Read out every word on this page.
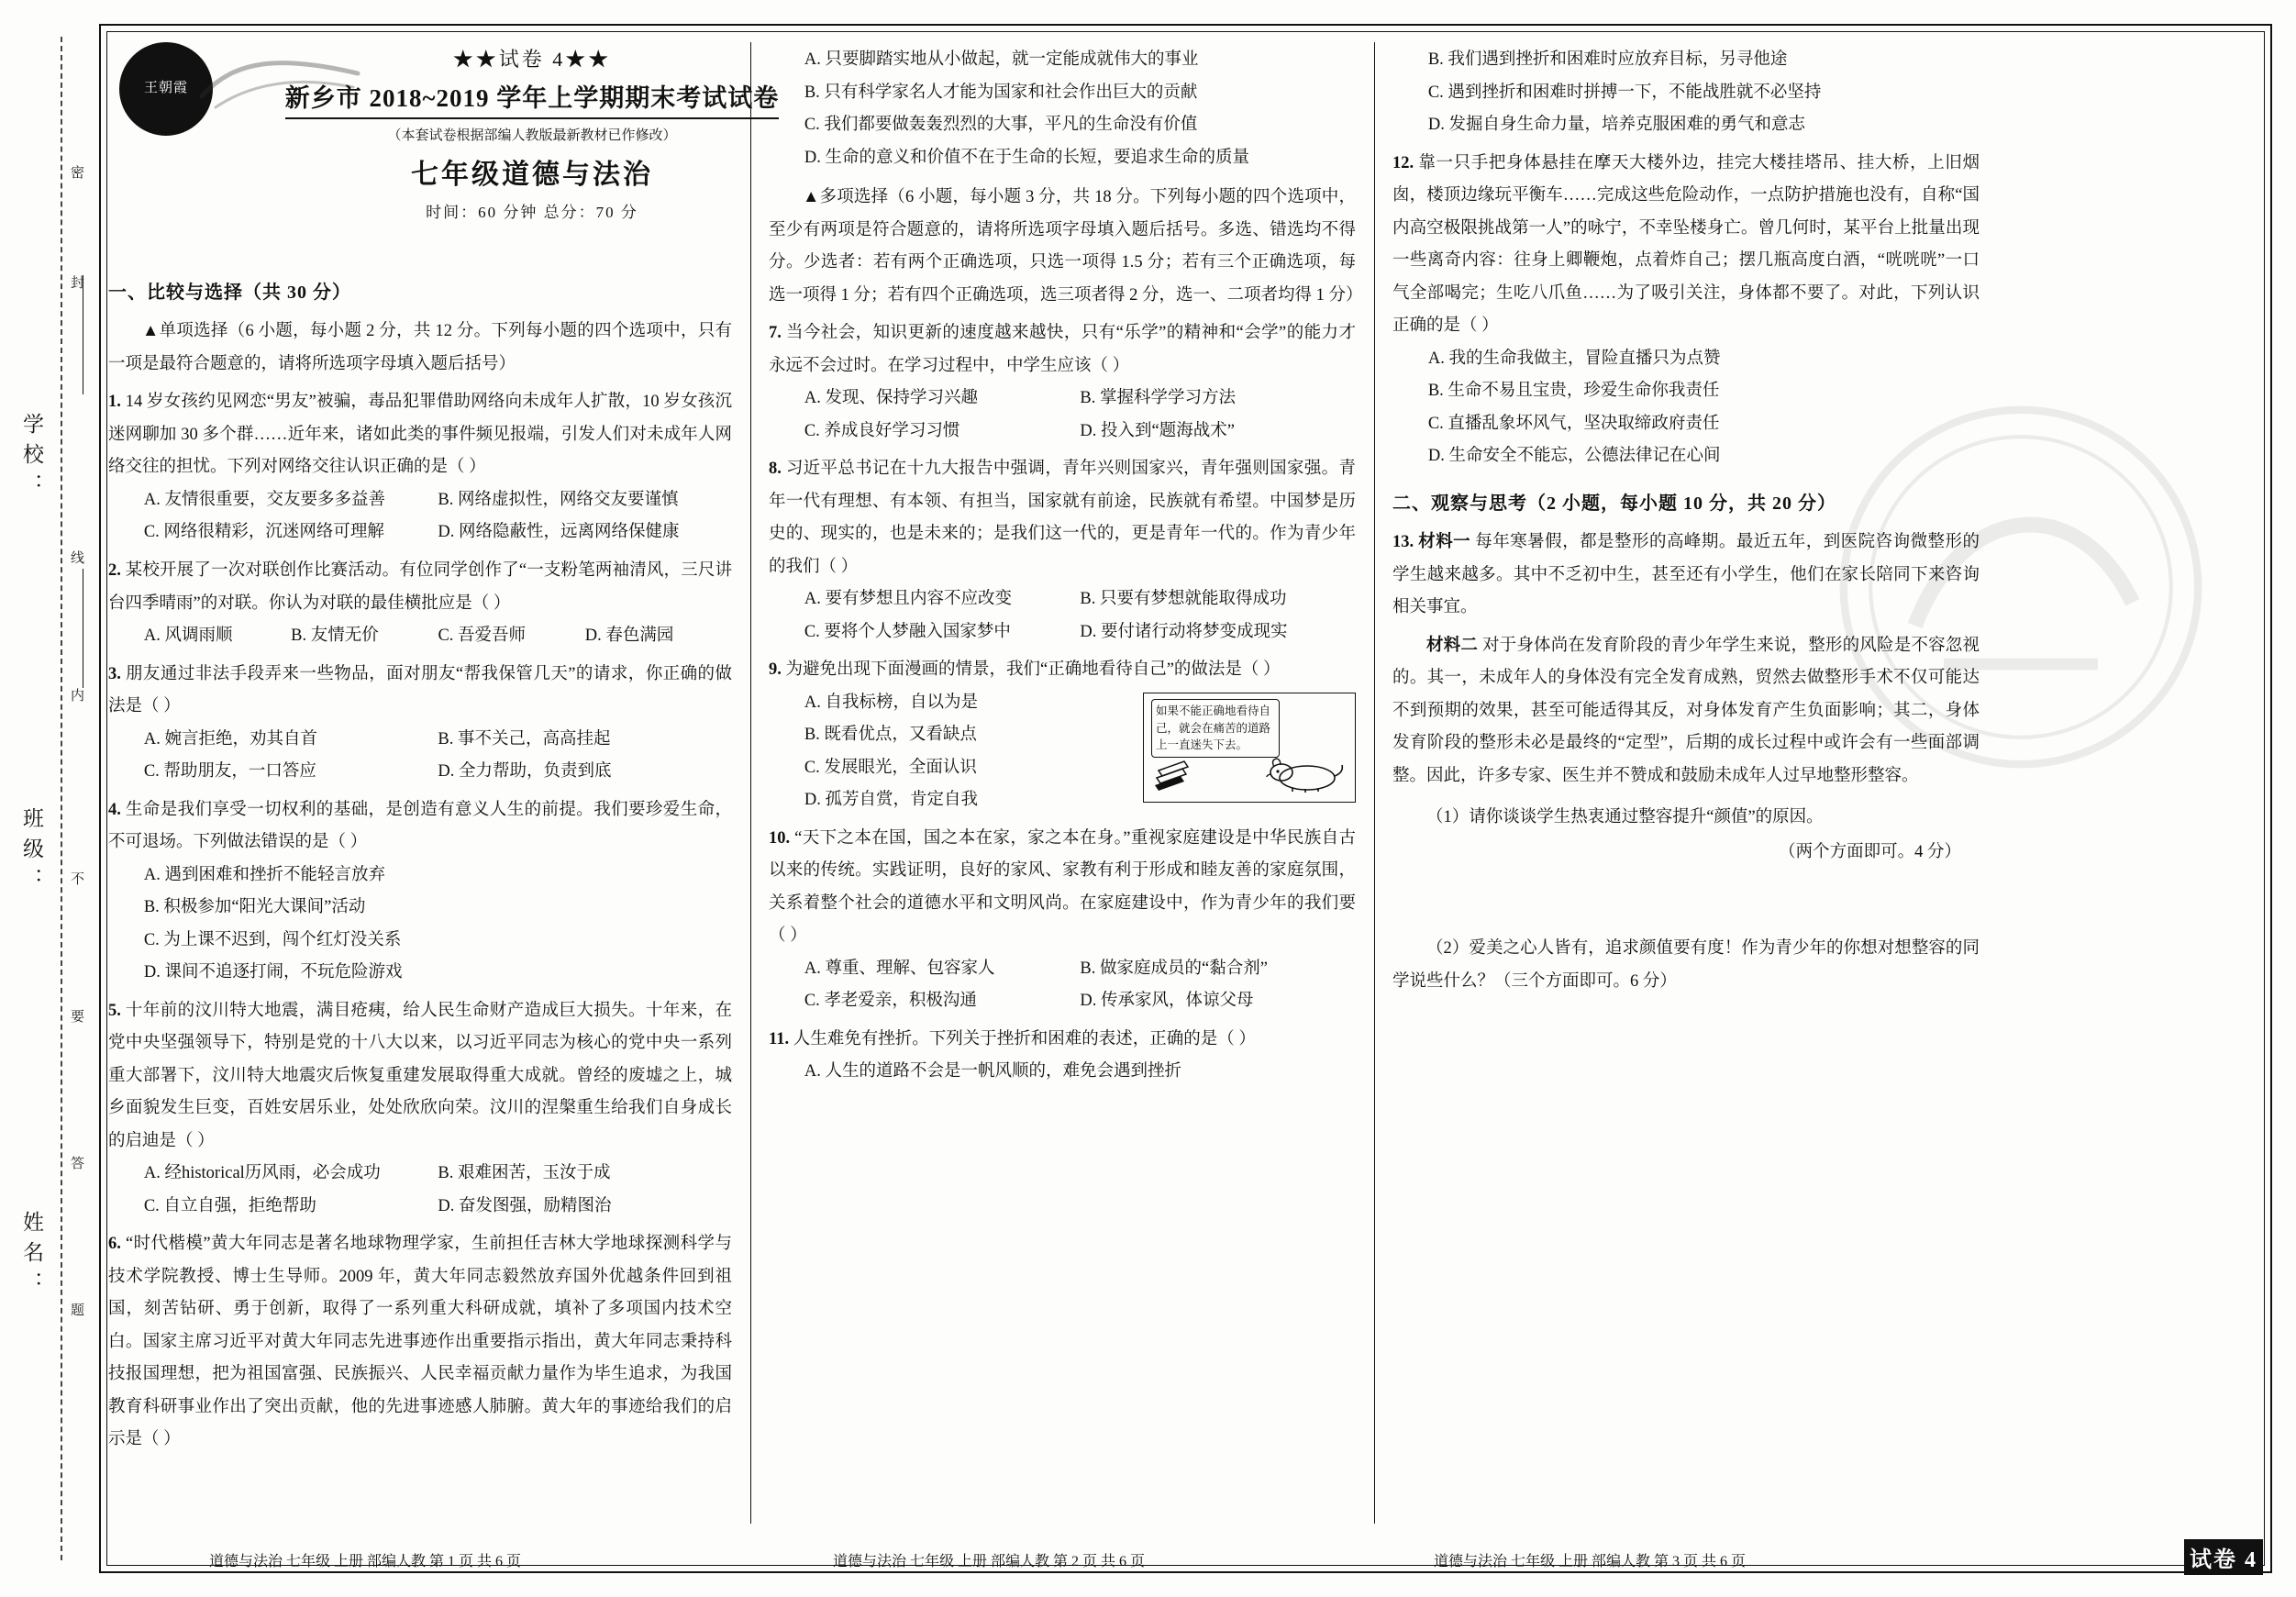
学校：
班级：
姓名：
密
封
线
内
不
要
答
题
王朝霞
★★试卷 4★★
新乡市 2018~2019 学年上学期期末考试试卷
（本套试卷根据部编人教版最新教材已作修改）
七年级道德与法治
时间：60 分钟 总分：70 分
一、比较与选择（共 30 分）
▲单项选择（6 小题，每小题 2 分，共 12 分。下列每小题的四个选项中，只有一项是最符合题意的，请将所选项字母填入题后括号）
1. 14 岁女孩约见网恋“男友”被骗，毒品犯罪借助网络向未成年人扩散，10 岁女孩沉迷网聊加 30 多个群……近年来，诸如此类的事件频见报端，引发人们对未成年人网络交往的担忧。下列对网络交往认识正确的是（ ）
A. 友情很重要，交友要多多益善	B. 网络虚拟性，网络交友要谨慎
C. 网络很精彩，沉迷网络可理解	D. 网络隐蔽性，远离网络保健康
2. 某校开展了一次对联创作比赛活动。有位同学创作了“一支粉笔两袖清风，三尺讲台四季晴雨”的对联。你认为对联的最佳横批应是（ ）
A. 风调雨顺	B. 友情无价	C. 吾爱吾师	D. 春色满园
3. 朋友通过非法手段弄来一些物品，面对朋友“帮我保管几天”的请求，你正确的做法是（ ）
A. 婉言拒绝，劝其自首	B. 事不关己，高高挂起
C. 帮助朋友，一口答应	D. 全力帮助，负责到底
4. 生命是我们享受一切权利的基础，是创造有意义人生的前提。我们要珍爱生命，不可退场。下列做法错误的是（ ）
A. 遇到困难和挫折不能轻言放弃
B. 积极参加“阳光大课间”活动
C. 为上课不迟到，闯个红灯没关系
D. 课间不追逐打闹，不玩危险游戏
5. 十年前的汶川特大地震，满目疮痍，给人民生命财产造成巨大损失。十年来，在党中央坚强领导下，特别是党的十八大以来，以习近平同志为核心的党中央一系列重大部署下，汶川特大地震灾后恢复重建发展取得重大成就。曾经的废墟之上，城乡面貌发生巨变，百姓安居乐业，处处欣欣向荣。汶川的涅槃重生给我们自身成长的启迪是（ ）
A. 经historical历风雨，必会成功	B. 艰难困苦，玉汝于成
C. 自立自强，拒绝帮助	D. 奋发图强，励精图治
6. “时代楷模”黄大年同志是著名地球物理学家，生前担任吉林大学地球探测科学与技术学院教授、博士生导师。2009 年，黄大年同志毅然放弃国外优越条件回到祖国，刻苦钻研、勇于创新，取得了一系列重大科研成就，填补了多项国内技术空白。国家主席习近平对黄大年同志先进事迹作出重要指示指出，黄大年同志秉持科技报国理想，把为祖国富强、民族振兴、人民幸福贡献力量作为毕生追求，为我国教育科研事业作出了突出贡献，他的先进事迹感人肺腑。黄大年的事迹给我们的启示是（ ）
A. 只要脚踏实地从小做起，就一定能成就伟大的事业
B. 只有科学家名人才能为国家和社会作出巨大的贡献
C. 我们都要做轰轰烈烈的大事，平凡的生命没有价值
D. 生命的意义和价值不在于生命的长短，要追求生命的质量
▲多项选择（6 小题，每小题 3 分，共 18 分。下列每小题的四个选项中，至少有两项是符合题意的，请将所选项字母填入题后括号。多选、错选均不得分。少选者：若有两个正确选项，只选一项得 1.5 分；若有三个正确选项，每选一项得 1 分；若有四个正确选项，选三项者得 2 分，选一、二项者均得 1 分）
7. 当今社会，知识更新的速度越来越快，只有“乐学”的精神和“会学”的能力才永远不会过时。在学习过程中，中学生应该（ ）
A. 发现、保持学习兴趣	B. 掌握科学学习方法
C. 养成良好学习习惯	D. 投入到“题海战术”
8. 习近平总书记在十九大报告中强调，青年兴则国家兴，青年强则国家强。青年一代有理想、有本领、有担当，国家就有前途，民族就有希望。中国梦是历史的、现实的，也是未来的；是我们这一代的，更是青年一代的。作为青少年的我们（ ）
A. 要有梦想且内容不应改变	B. 只要有梦想就能取得成功
C. 要将个人梦融入国家梦中	D. 要付诸行动将梦变成现实
9. 为避免出现下面漫画的情景，我们“正确地看待自己”的做法是（ ）
如果不能正确地看待自己，就会在痛苦的道路上一直迷失下去。
A. 自我标榜，自以为是
B. 既看优点，又看缺点
C. 发展眼光，全面认识
D. 孤芳自赏，肯定自我
10. “天下之本在国，国之本在家，家之本在身。”重视家庭建设是中华民族自古以来的传统。实践证明，良好的家风、家教有利于形成和睦友善的家庭氛围，关系着整个社会的道德水平和文明风尚。在家庭建设中，作为青少年的我们要（ ）
A. 尊重、理解、包容家人	B. 做家庭成员的“黏合剂”
C. 孝老爱亲，积极沟通	D. 传承家风，体谅父母
11. 人生难免有挫折。下列关于挫折和困难的表述，正确的是（ ）
A. 人生的道路不会是一帆风顺的，难免会遇到挫折
B. 我们遇到挫折和困难时应放弃目标，另寻他途
C. 遇到挫折和困难时拼搏一下，不能战胜就不必坚持
D. 发掘自身生命力量，培养克服困难的勇气和意志
12. 靠一只手把身体悬挂在摩天大楼外边，挂完大楼挂塔吊、挂大桥，上旧烟囱，楼顶边缘玩平衡车……完成这些危险动作，一点防护措施也没有，自称“国内高空极限挑战第一人”的咏宁，不幸坠楼身亡。曾几何时，某平台上批量出现一些离奇内容：往身上卿鞭炮，点着炸自己；摆几瓶高度白酒，“咣咣咣”一口气全部喝完；生吃八爪鱼……为了吸引关注，身体都不要了。对此，下列认识正确的是（ ）
A. 我的生命我做主，冒险直播只为点赞
B. 生命不易且宝贵，珍爱生命你我责任
C. 直播乱象坏风气，坚决取缔政府责任
D. 生命安全不能忘，公德法律记在心间
二、观察与思考（2 小题，每小题 10 分，共 20 分）
13. 材料一 每年寒暑假，都是整形的高峰期。最近五年，到医院咨询微整形的学生越来越多。其中不乏初中生，甚至还有小学生，他们在家长陪同下来咨询相关事宜。
材料二 对于身体尚在发育阶段的青少年学生来说，整形的风险是不容忽视的。其一，未成年人的身体没有完全发育成熟，贸然去做整形手术不仅可能达不到预期的效果，甚至可能适得其反，对身体发育产生负面影响；其二，身体发育阶段的整形未必是最终的“定型”，后期的成长过程中或许会有一些面部调整。因此，许多专家、医生并不赞成和鼓励未成年人过早地整形整容。
（1）请你谈谈学生热衷通过整容提升“颜值”的原因。
（两个方面即可。4 分）
（2）爱美之心人皆有，追求颜值要有度！作为青少年的你想对想整容的同学说些什么？（三个方面即可。6 分）
道德与法治 七年级 上册 部编人教 第 1 页 共 6 页	道德与法治 七年级 上册 部编人教 第 2 页 共 6 页	道德与法治 七年级 上册 部编人教 第 3 页 共 6 页	试卷 4
